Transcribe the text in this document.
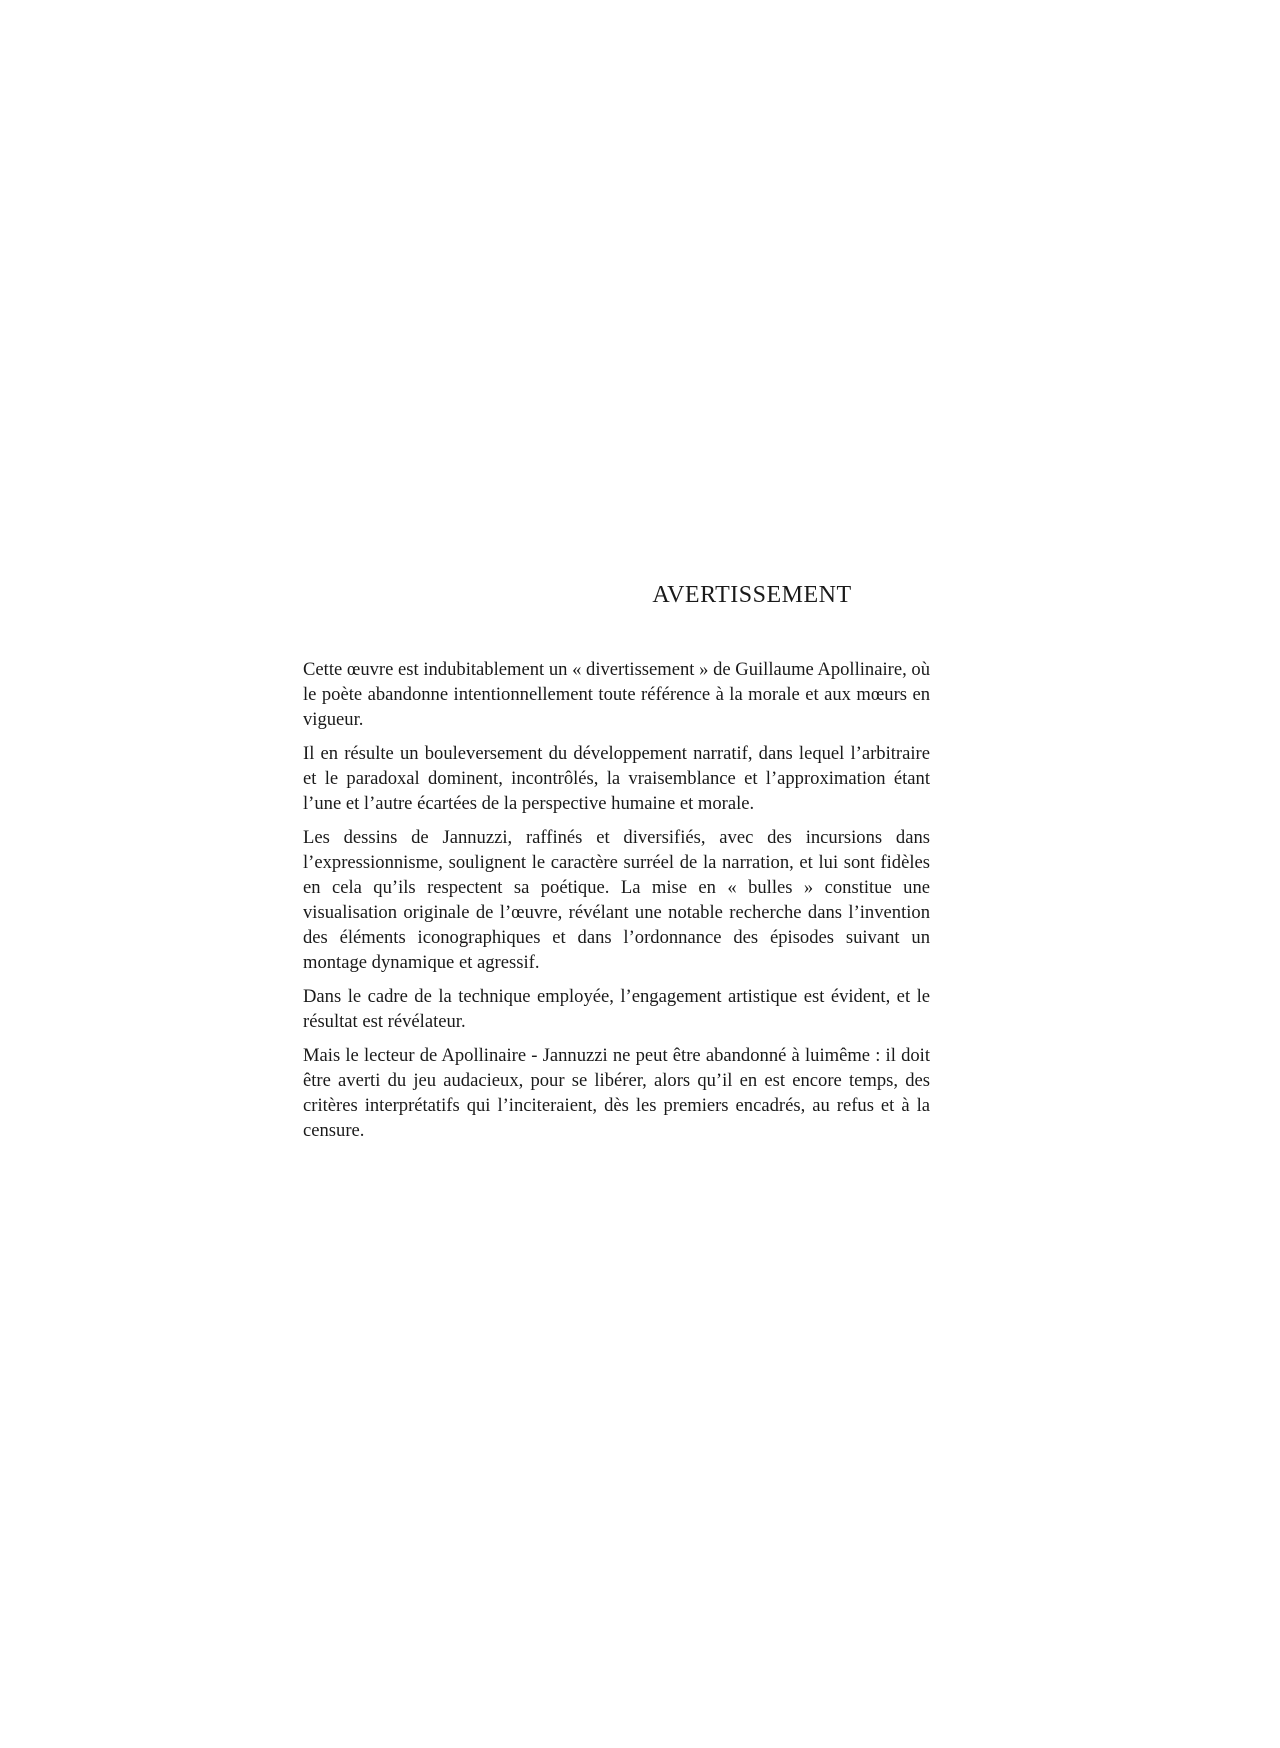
AVERTISSEMENT

Cette œuvre est indubitablement un « divertissement » de Guillaume Apollinaire, où le poète abandonne intentionnellement toute référence à la morale et aux mœurs en vigueur.

Il en résulte un bouleversement du développement narratif, dans lequel l’arbitraire et le paradoxal dominent, incontrôlés, la vraisemblance et l’approximation étant l’une et l’autre écartées de la perspective humaine et morale.

Les dessins de Jannuzzi, raffinés et diversifiés, avec des incursions dans l’expressionnisme, soulignent le caractère surréel de la narration, et lui sont fidèles en cela qu’ils respectent sa poétique. La mise en « bulles » constitue une visualisation originale de l’œuvre, révélant une notable recherche dans l’invention des éléments iconographiques et dans l’ordonnance des épisodes suivant un montage dynamique et agressif.

Dans le cadre de la technique employée, l’engagement artistique est évident, et le résultat est révélateur.

Mais le lecteur de Apollinaire - Jannuzzi ne peut être abandonné à luimême : il doit être averti du jeu audacieux, pour se libérer, alors qu’il en est encore temps, des critères interprétatifs qui l’inciteraient, dès les premiers encadrés, au refus et à la censure.
